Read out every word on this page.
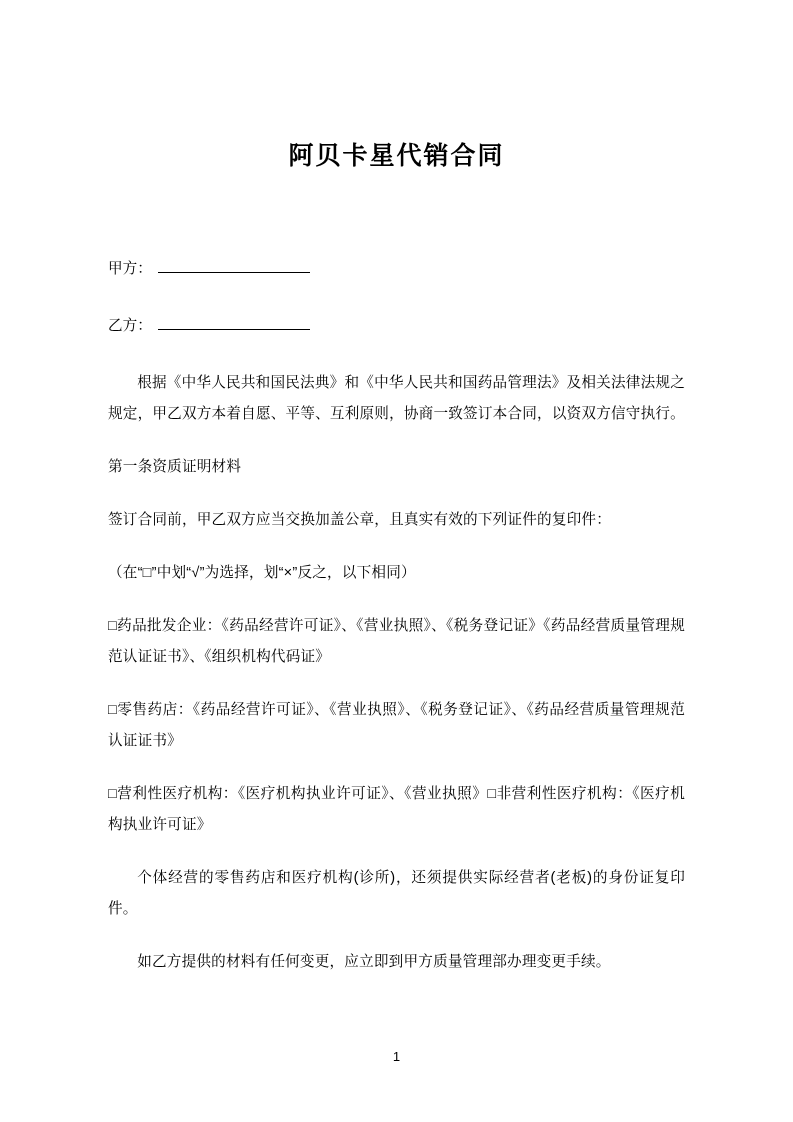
阿贝卡星代销合同
甲方：
乙方：

根据《中华人民共和国民法典》和《中华人民共和国药品管理法》及相关法律法规之规定，甲乙双方本着自愿、平等、互利原则，协商一致签订本合同，以资双方信守执行。

第一条资质证明材料

签订合同前，甲乙双方应当交换加盖公章，且真实有效的下列证件的复印件：

（在“□”中划“√”为选择，划“×”反之，以下相同）

□药品批发企业：《药品经营许可证》、《营业执照》、《税务登记证》《药品经营质量管理规范认证证书》、《组织机构代码证》

□零售药店：《药品经营许可证》、《营业执照》、《税务登记证》、《药品经营质量管理规范认证证书》

□营利性医疗机构：《医疗机构执业许可证》、《营业执照》□非营利性医疗机构：《医疗机构执业许可证》

个体经营的零售药店和医疗机构(诊所)，还须提供实际经营者(老板)的身份证复印件。

如乙方提供的材料有任何变更，应立即到甲方质量管理部办理变更手续。

1
